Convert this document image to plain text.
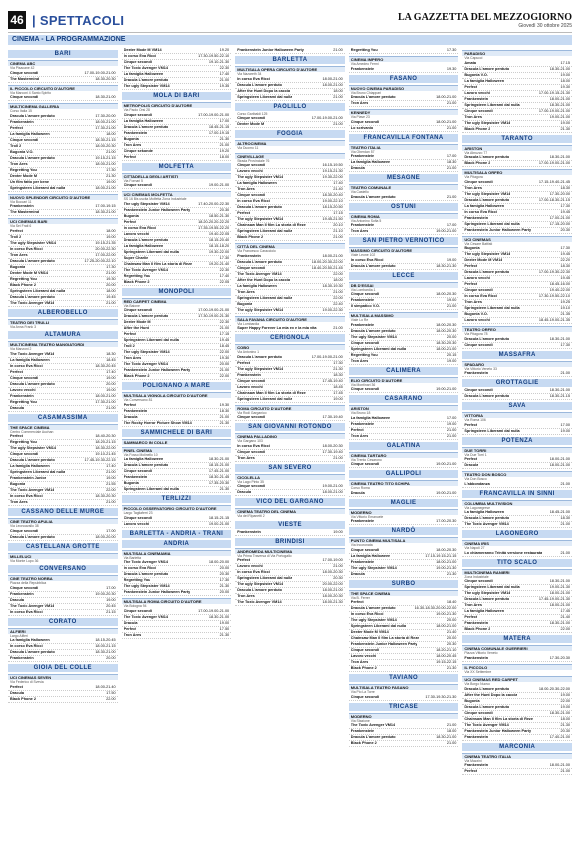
46
|	SPETTACOLI	LA GAZZETTA DEL MEZZOGIORNO
Giovedì 30 ottobre 2025
CINEMA - LA PROGRAMMAZIONE
BARI
CINEMA ABC
Via Pisacane 42
Cinque secondi	17.00-19.00-21.00
The Mastermind	18.30-20.30
IL PICCOLO CIRCUITO D'AUTORE
Via Marconi 4 Santo Spirito
Cinque secondi	18.30-21.00
MULTICINEMA GALLERIA
Corso Italia 15
Dracula L'amore perduto	17.30-20.00
Frankenstein	18.00-21.00
Perfect	17.30-21.00
La famiglia Halloween	18.00
Cinque secondi	18.30-21.15
Troll 2	18.00-20.30
Bugonia V.O.	21.00
Dracula L'amore perduto	19.15-21.15
Tron Ares	18.00-21.00
Regretting You	17.30
Dexter Mode M	21.30
Un film fatto per bene	19.00
Springsteen Liberami dal nulla	18.00-21.00
NUOVO SPLENDOR CIRCUITO D'AUTORE
Via Buccari 11
Frankenstein	17.00-19.15
The Mastermind	18.30-21.00
UCI CINEMAS BARI
Via Sei Frati 6
Perfect	18.00
Troll 2	19.00
The ugly Stepsister VM14	19.15-21.35
In corso Eva Ricci	20.00-22.30
Tron Ares	17.00-22.00
Dracula L'amore perduto	17.25-20.00-22.10
Bugonia	17.30
Dexter Mode M VM14	21.00
Regretting You	19.30
Black Phone 2	20.00
Springsteen Liberami dal nulla	18.00
Dracula L'amore perduto	19.45
The Toxic Avenger VM14	21.00
ALBEROBELLO
TEATRO DEI TRULLI
Via Anna Frank 3
ALTAMURA
MULTICINEMA TEATRO MANGIATORDI
Via Manzoni 2
The Toxic Avenger VM14	18.30
La famiglia Halloween	18.45
In corso Eva Ricci	18.30-20.45
Perfect	17.40
Cinque secondi	19.00
Dracula L'amore perduto	20.00
Lavoro vecchi	19.00
Frankenstein	18.00-21.00
Regretting You	17.30-21.00
Dracula	21.00
CASAMASSIMA
THE SPACE CINEMA
Centro Commerciale Auchan
Perfect	18.40-20.30
Regretting You	18.20-21.15
The ugly Stepsister VM14	18.30-22.00
Cinque secondi	19.10-21.45
Dracula L'amore perduto	17.45-19.30-22.15
La famiglia Halloween	17.40
Springsteen Liberami dal nulla	21.00
Frankenstein Junior	19.00
Bugonia	21.55
The Toxic Avenger VM14	22.00
In corso Eva Ricci	18.30-20.30
Tron Ares	21.00
CASSANO DELLE MURGE
CINE TEATRO APULIA
Via Leoncavallo 38
Cinque secondi	17.00
Dracula L'amore perduto	18.00-20.00
CASTELLANA GROTTE
MILLELUCI
Via Monte Lupo 36
CONVERSANO
CINE TEATRO NORBA
Piazza della Repubblica
Cinque secondi	17.00
Frankenstein	19.00-20.30
Dracula	19.00
The Toxic Avenger VM14	20.45
In corso Eva Ricci	21.15
CORATO
ALFIERI
Largo Alfieri
La famiglia Halloween	18.15-20.45
In corso Eva Ricci	18.00-21.15
Dracula L'amore perduto	18.30-21.00
Frankenstein	20.00
GIOIA DEL COLLE
UCI CINEMAS SEVEN
Via Federico di Svevia
Perfect	18.00-21.40
Dracula	17.50
Black Phone 2	22.00
Dexter Mode M VM14	19.20
In corso Eva Ricci	17.30-19.50-22.10
Cinque secondi	19.10-21.30
The Toxic Avenger VM14	22.30
La famiglia Halloween	17.40
Dracula L'amore perduto	21.00
The ugly Stepsister VM14	19.35
MOLA DI BARI
METROPOLIS CIRCUITO D'AUTORE
Via Paolo Orsi 28
Cinque secondi	17.00-19.00-21.00
La famiglia Halloween	17.00
Dracula L'amore perduto	18.45-21.15
Frankenstein	17.00-19.15
Bugonia	21.30
Tron Ares	21.00
Cinque sekonde	19.20
Perfect	18.00
MOLFETTA
CITTADELLA DEGLI ARTISTI
Via Fornari 5
Cinque secondi	19.00-21.00
UCI CINEMAS MOLFETTA
SS 16 Bis uscita Molfetta Zona Industriale
The ugly Stepsister VM14	17.40-20.00-22.30
Frankenstein Junior Halloween Party	20.30
Bugonia	18.50-21.30
Perfect	18.20-20.20-22.20
In corso Eva Ricci	17.35-19.55-22.20
Lavoro vecchi	19.40-22.05
Dracula L'amore perduto	18.15-20.40
La famiglia Halloween	18.15-18.20
Springsteen Liberami dal nulla	19.30-22.00
Super Charlie	17.30
Chainsaw Man Il film La storia di Reze	19.20-21.40
The Toxic Avenger VM14	22.30
Regretting You	17.40
Black Phone 2	22.05
MONOPOLI
RED CARPET CINEMA
Via Baione
Cinque secondi	17.00-19.00-21.00
Dracula L'amore perduto	17.30-19.00-21.30
Dexter Mode M	22.30
After the Hunt	21.00
Perfect	17.15
Springsteen Liberami dal nulla	19.45
Troll 2	18.45
The ugly Stepsister VM14	22.00
Tron Ares	19.30
The Toxic Avenger VM14	20.00
Frankenstein Junior Halloween Party	21.00
Black Phone 2	22.00
POLIGNANO A MARE
MULTISALA VIGNOLA CIRCUITO D'AUTORE
Via Conversano 81
Perfect	19.30
Frankenstein	18.30
Dracula	21.00
The Rocky Horror Picture Show VM14	21.30
SAMMICHELE DI BARI
SAMMARCO IN COLLE
PINEL CINEMA
Via Fosso Molinello 10
La famiglia Halloween	18.30-21.00
Dracula L'amore perduto	18.15-21.00
Cinque secondi	17.45-21.00
Frankenstein	18.30-21.45
Bugonia	17.35-20.30
Springsteen Liberami dal nulla	21.30
TERLIZZI
PICCOLO OSSERVATORIO CIRCUITO D'AUTORE
Largo Tagliaferri 23
Cinque secondi	18.15-21.15
Lavoro vecchi	19.00-21.00
BARLETTA - ANDRIA - TRANI
ANDRIA
MULTISALA CINEMAMIA
Via Barletta
The Toxic Avenger VM14	18.00-20.00
In corso Eva Ricci	20.00
Dracula L'amore perduto	20.30
Regretting You	17.30
The ugly Stepsister VM14	21.30
Frankenstein Junior Halloween Party	20.00
MULTISALA ROMA CIRCUITO D'AUTORE
Via Bologna 94
Cinque secondi	17.00-19.00-21.00
The Toxic Avenger VM14	18.30-21.00
Dracula	19.00
Perfect	17.50
Tron Ares	21.30
Frankenstein Junior Halloween Party	21.00
BARLETTA
MULTISALA OPERA CIRCUITO D'AUTORE
Via Nazareth 34
In corso Eva Ricci	18.00-21.00
Dracula L'amore perduto	18.00-21.00
After the Hunt Dopo la caccia	18.00
Springsteen Liberami dal nulla	21.00
PAOLILLO
Corso Garibaldi 125
Cinque secondi	17.00-19.00-21.00
Dexter Mode M	21.00
FOGGIA
ALTROCINEMA
Via Duomo 11
CINEVILLAGE
Strada Provinciale 76
Cinque secondi	16.15-19.50
Lavoro vecchi	19.15-21.30
The ugly Stepsister VM14	19.30-22.00
La famiglia Halloween	17.40
Tron Ares	21.40
Cinque secondi	18.30-20.40
In corso Eva Ricci	19.00-22.10
Dracula L'amore perduto	18.15-20.50
Perfect	17.15
The ugly Stepsister VM14	19.45-21.50
Chainsaw Man Il film La storia di Reze	20.10
Springsteen Liberami dal nulla	21.10
Black Phone 2	21.00
CITTÀ DEL CINEMA
Via Francesco Caracciolo
Frankenstein	18.00-21.00
Dracula L'amore perduto	18.00-20.30-22.00
Cinque secondi	18.40-20.50-21.45
The Toxic Avenger VM14	22.00
After the Hunt Dopo la caccia	18.00
La famiglia Halloween	18.30-19.30
Tron Ares	21.00
Springsteen Liberami dal nulla	22.00
Bugonia	22.40
The ugly Stepsister VM14	19.00-22.30
SALA FAVANA CIRCUITO D'AUTORE
Via Lombardia
Super Happy Forever La mia ex e la mia vita	21.00
CERIGNOLA
COBO
Via Antonino 1
Dracula L'amore perduto	17.00-19.00-21.00
Perfect	17.30
The ugly Stepsister VM14	21.30
Frankenstein	18.30
Cinque secondi	17.45-19.40
Lavoro vecchi	18.45
Chainsaw Man Il film La storia di Reze	17.45
Springsteen Liberami dal nulla	19.00
ROMA CIRCUITO D'AUTORE
Via Rodi Garganico
Cinque secondi	17.30-19.40
SAN GIOVANNI ROTONDO
CINEMA PALLADINO
Via Gargano 103
In corso Eva Ricci	18.00-20.30
Cinque secondi	17.30-19.40
Tron Ares	21.00
SAN SEVERO
CICOLELLA
Via Lago Pinto 35
Cinque secondi	19.00-21.00
Dracula	18.00-21.00
VICO DEL GARGANO
CINEMA TEATRO DEL CINEMA
Via del Ripanetti 2
VIESTE
Frankenstein	19.00
BRINDISI
ANDROMEDA MULTICINEMA
Via Prima Traversa di Via Portogallo
Perfect	17.00-19.00
Lavoro vecchi	21.00
In corso Eva Ricci	18.00-20.30
Springsteen Liberami dal nulla	20.30
The ugly Stepsister VM14	20.00-22.00
Dracula L'amore perduto	18.00-21.00
Tron Ares	18.00-20.30
The Toxic Avenger VM14	18.00-21.30
Regretting You	17.30
CINEMA IMPERO
Via Amedeo Fermi
Frankenstein	19.30
FASANO
NUOVO CINEMA PARADISO
Via Bruno Chiappari
Dracula L'amore perduto	18.00-21.00
Tron Ares	21.00
KENNEDY
Via Piave 23
Cinque secondi	18.00-21.00
Lo scrivanio	21.00
FRANCAVILLA FONTANA
TEATRO ITALIA
Via Oberdan 57
Frankenstein	17.00
La famiglia Halloween	18.30
Dracula	21.00
MESAGNE
TEATRO COMUNALE
Via Castello
Dracula L'amore perduto	21.00
OSTUNI
CINEMA ROMA
Via Antonino Sofia 5
Frankenstein	17.00
Tron Ares	19.00-21.00
SAN PIETRO VERNOTICO
MASSIMO CIRCUITO D'AUTORE
Viale Leone 102
In corso Eva Ricci	19.00
Dracula L'amore perduto	18.30-21.30
LECCE
DB D'ESSAI
Via Lombardia 1
Cinque secondi	18.00-20.30
Frankenstein	19.00
Il simpatico V.O.	21.00
MULTISALA MASSIMO
Viale Lo Re
Frankenstein	18.00-20.30
Dracula L'amore perduto	18.00-20.30
The ugly Stepsister VM14	20.00
Cinque secondi	18.30-20.30
Springsteen Liberami dal nulla	18.00-21.00
Regretting You	20.15
Tron Ares	19.00
CALIMERA
ELIO CIRCUITO D'AUTORE
Via Montinari 36
Cinque secondi	19.00-21.00
CASARANO
ARISTON
Via Bruno 18
La famiglia Halloween	17.00
Frankenstein	19.00
Perfect	21.00
Tron Ares	21.00
GALATINA
CINEMA TARTARO
Via Trento Cesarono
Cinque secondi	19.00-21.00
GALLIPOLI
CINEMA TEATRO TITO SCHIPA
Corso Roma
Dracula	19.00-21.00
MAGLIE
MODERNO
Via Vittorio Emanuele
Frankenstein	17.00-20.30
NARDÒ
PUNTO CINEMA MULTISALA
Via Incoronata
Cinque secondi	18.00-20.30
La famiglia Halloween	17.15-19.15-21.15
Frankenstein	18.00-21.00
The ugly Stepsister VM14	19.00-21.30
Dracula	21.30
SURBO
THE SPACE CINEMA
Via B. Ferrer
Perfect	18.40
Dracula L'amore perduto	16.30-18.30-20.00-22.00
In corso Eva Ricci	19.00-21.30
The ugly Stepsister VM14	20.00
Springsteen Liberami dal nulla	18.00-21.00
Dexter Mode M VM14	21.40
Chainsaw Man Il film La storia di Reze	20.00
Frankenstein Junior Halloween Party	20.30
Cinque secondi	18.20-21.10
Lavoro vecchi	18.00-20.45
Tron Ares	19.15-22.15
Black Phone 2	21.30
TAVIANO
MULTISALA TEATRO FASANO
Via Pio La Torre
Cinque secondi	17.30-19.30-21.30
TRICASE
MODERNO
Via Stazione
The Toxic Avenger VM14	21.00
Frankenstein	18.00
Dracula L'amore perduto	18.30-21.00
Black Phone 2	21.00
PARADISO
Via Capucci
Amata	17.15
Dracula L'amore perduto	18.30-21.00
Bugonia V.O.	19.00
La famiglia Halloween	18.00
Perfect	19.30
Lavoro vecchi	17.00-19.15-21.30
Frankenstein	18.00-21.00
Springsteen Liberami dal nulla	18.30-21.00
Cinque secondi	17.00-19.00-21.00
Tron Ares	19.00-21.00
The ugly Stepsister VM14	19.00
Black Phone 2	21.30
TARANTO
ARISTON
Via Abruzzo 77
Dracula L'amore perduto	18.30-21.00
Black Phone 2	17.00-19.00-21.00
MULTISALA ORFEO
Via Pitagora
Cinque secondi	17.15-19.40-21.45
Tron Ares	18.30
The ugly Stepsister VM14	17.30-20.00
Dracula L'amore perduto	17.00-18.30-21.15
La famiglia Halloween	17.30
In corso Eva Ricci	19.45
Frankenstein	17.00-21.00
Springsteen Liberami dal nulla	17.15-20.00
Frankenstein Junior Halloween Party	20.30
UCI CINEMAS
Via Cesare Battisti
Bugonia	17.30
The ugly Stepsister VM14	19.45
Dexter Mode M VM14	22.20
Perfect	18.30
Dracula L'amore perduto	17.00-19.30-22.30
Lavoro vecchi	19.45
Perfect	18.45-16.00
Cinque secondi	19.40-22.00
In corso Eva Ricci	17.30-19.50-22.10
Tron Ares	19.25
Springsteen Liberami dal nulla	19.10
Bugonia V.O.	21.35
Lavoro vecchi	18.45-19.00-21.35
TEATRO ORFEO
Via Pitagora 78
Dracula L'amore perduto	18.30-21.00
Cinque secondi	17.30
MASSAFRA
SPADARO
Via Vittorio Veneto 33
Frankenstein	21.00
GROTTAGLIE
Cinque secondi	18.30-21.00
Dracula L'amore perduto	18.30-21.15
SAVA
VITTORIA
Via Roma 106
Perfect	17.00
Springsteen Liberami dal nulla	19.00
POTENZA
DUE TORRI
Via Due Torri 1
Perfect	18.00-21.00
Dracula	18.00-21.00
TEATRO DON BOSCO
Via Don Bosco
L'abbondanza	21.00
FRANCAVILLA IN SINNI
COLUMBIA MULTIVISION
Via Lagonegrese
La famiglia Halloween	18.45-21.00
Dracula L'amore perduto	18.30
The Toxic Avenger VM14	21.00
LAGONEGRO
CINEMA IRIS
Via Napoli 27
Lo chiameranno Trinità versione restaurata	21.00
TITO SCALO
MULTICINEMA RANIERI
Zona Industriale
Cinque secondi	18.30-21.00
Springsteen Liberami dal nulla	19.00-21.30
The ugly Stepsister VM14	18.00-21.00
Dracula L'amore perduto	17.45-19.00-21.30
Tron Ares	18.00-21.00
La famiglia Halloween	17.45
Perfect	21.40
Frankenstein	18.30-21.00
Black Phone 2	22.00
MATERA
CINEMA COMUNALE GUERRIERI
Piazza Vittorio Veneto
Frankenstein	17.30-20.30
IL PICCOLO
Via XX Settembre
UCI CINEMAS RED CARPET
Via Borgo Nuovo
Dracula L'amore perduto	18.00-20.30-22.00
After the Hunt Dopo la caccia	19.00
Bugonia	22.00
Dracula L'amore perduto	19.00
Cinque secondi	18.30-21.00
Chainsaw Man Il film La storia di Reze	18.00
The Toxic Avenger VM14	21.30
Frankenstein Junior Halloween Party	20.30
Frankenstein	17.40-21.00
MARCONIA
CINEMA TEATRO ITALIA
Via Mazzini
Frankenstein	18.00-21.00
Perfect	21.00
